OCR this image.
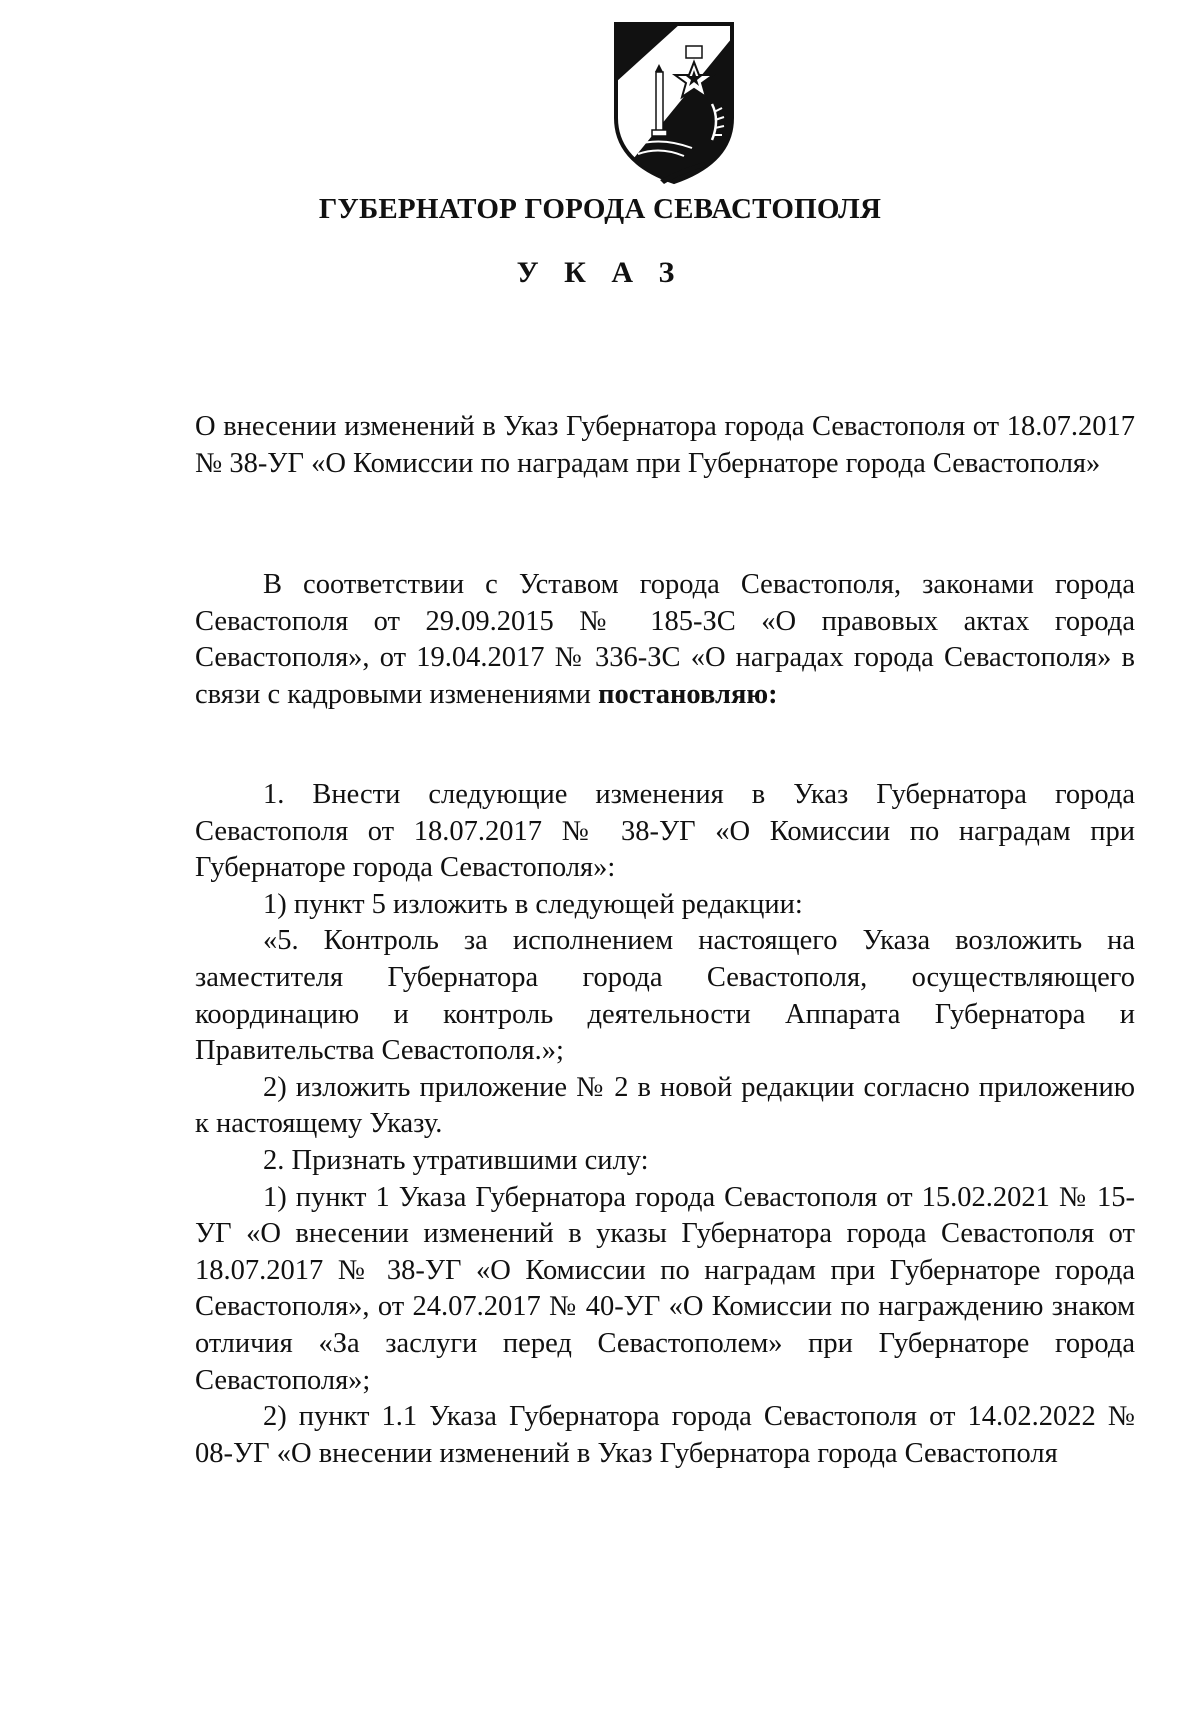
ГУБЕРНАТОР ГОРОДА СЕВАСТОПОЛЯ
У К А З
О внесении изменений в Указ Губернатора города Севастополя от 18.07.2017 № 38-УГ «О Комиссии по наградам при Губернаторе города Севастополя»

В соответствии с Уставом города Севастополя, законами города Севастополя от 29.09.2015 № 185-ЗС «О правовых актах города Севастополя», от 19.04.2017 № 336-ЗС «О наградах города Севастополя» в связи с кадровыми изменениями постановляю:

1. Внести следующие изменения в Указ Губернатора города Севастополя от 18.07.2017 № 38-УГ «О Комиссии по наградам при Губернаторе города Севастополя»:

1) пункт 5 изложить в следующей редакции:

«5. Контроль за исполнением настоящего Указа возложить на заместителя Губернатора города Севастополя, осуществляющего координацию и контроль деятельности Аппарата Губернатора и Правительства Севастополя.»;

2) изложить приложение № 2 в новой редакции согласно приложению к настоящему Указу.

2. Признать утратившими силу:

1) пункт 1 Указа Губернатора города Севастополя от 15.02.2021 № 15-УГ «О внесении изменений в указы Губернатора города Севастополя от 18.07.2017 № 38-УГ «О Комиссии по наградам при Губернаторе города Севастополя», от 24.07.2017 № 40-УГ «О Комиссии по награждению знаком отличия «За заслуги перед Севастополем» при Губернаторе города Севастополя»;

2) пункт 1.1 Указа Губернатора города Севастополя от 14.02.2022 № 08-УГ «О внесении изменений в Указ Губернатора города Севастополя
